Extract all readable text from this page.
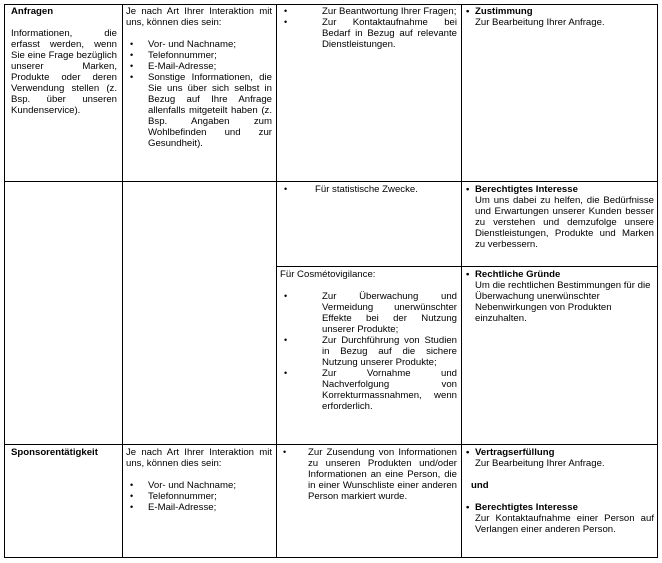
Anfragen

Informationen, die erfasst werden, wenn Sie eine Frage bezüglich unserer Marken, Produkte oder deren Verwendung stellen (z. Bsp. über unseren Kundenservice).

Je nach Art Ihrer Interaktion mit uns, können dies sein:

• Vor- und Nachname;
• Telefonnummer;
• E-Mail-Adresse;
• Sonstige Informationen, die Sie uns über sich selbst in Bezug auf Ihre Anfrage allenfalls mitgeteilt haben (z. Bsp. Angaben zum Wohlbefinden und zur Gesundheit).
• Zur Beantwortung Ihrer Fragen;
• Zur Kontaktaufnahme bei Bedarf in Bezug auf relevante Dienstleistungen.

• Zustimmung

Zur Bearbeitung Ihrer Anfrage.

• Für statistische Zwecke.

•	Berechtigtes Interesse

Um uns dabei zu helfen, die Bedürfnisse und Erwartungen unserer Kunden besser zu verstehen und demzufolge unsere Dienstleistungen, Produkte und Marken zu verbessern.

Für Cosmétovigilance:

• Zur Überwachung und Vermeidung unerwünschter Effekte bei der Nutzung unserer Produkte;
• Zur Durchführung von Studien in Bezug auf die sichere Nutzung unserer Produkte;
• Zur Vornahme und Nachverfolgung von Korrekturmassnahmen, wenn erforderlich.

• Rechtliche Gründe

Um die rechtlichen Bestimmungen für die Überwachung unerwünschter Nebenwirkungen von Produkten einzuhalten.

Sponsorentätigkeit	Je nach Art Ihrer Interaktion mit uns, können dies sein:

• Vor- und Nachname;
• Telefonnummer;
• E-Mail-Adresse;
• Zur Zusendung von Informationen zu unseren Produkten und/oder Informationen an eine Person, die in einer Wunschliste einer anderen Person markiert wurde.

• Vertragserfüllung

Zur Bearbeitung Ihrer Anfrage.

und

• Berechtigtes Interesse

Zur Kontaktaufnahme einer Person auf Verlangen einer anderen Person.
